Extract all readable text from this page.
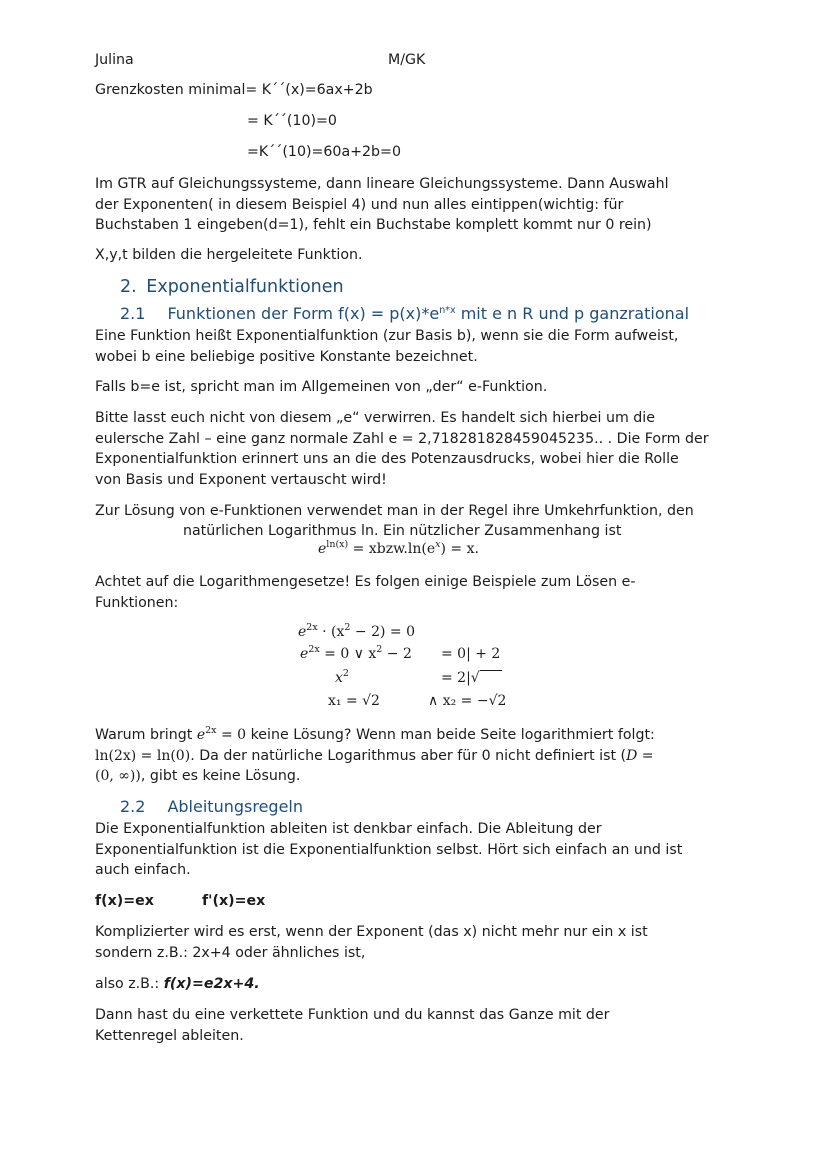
Julina	M/GK
Grenzkosten minimal= K´´(x)=6ax+2b
= K´´(10)=0
=K´´(10)=60a+2b=0
Im GTR auf Gleichungssysteme, dann lineare Gleichungssysteme. Dann Auswahl
der Exponenten( in diesem Beispiel 4) und nun alles eintippen(wichtig: für
Buchstaben 1 eingeben(d=1), fehlt ein Buchstabe komplett kommt nur 0 rein)
X,y,t bilden die hergeleitete Funktion.
2. Exponentialfunktionen
2.1 Funktionen der Form $f(x) = p(x)*e^{n*x}$ mit e n R und p ganzrational
Eine Funktion heißt Exponentialfunktion (zur Basis b), wenn sie die Form aufweist,
wobei b eine beliebige positive Konstante bezeichnet.
Falls b=e ist, spricht man im Allgemeinen von „der“ e-Funktion.
Bitte lasst euch nicht von diesem „e“ verwirren. Es handelt sich hierbei um die
eulersche Zahl – eine ganz normale Zahl e = 2,718281828459045235.. . Die Form der
Exponentialfunktion erinnert uns an die des Potenzausdrucks, wobei hier die Rolle
von Basis und Exponent vertauscht wird!
Zur Lösung von e-Funktionen verwendet man in der Regel ihre Umkehrfunktion, den
natürlichen Logarithmus ln. Ein nützlicher Zusammenhang ist
$e^{ln(x)}$ = $xbzw.\ln(e^x) = x$.
Achtet auf die Logarithmengesetze! Es folgen einige Beispiele zum Lösen e-
Funktionen:
$e^{2x} \cdot (x^2 - 2) = 0$
$e^{2x} = 0$ ∨ $x^2 - 2 = 0| + 2$
$x^2$	= 2|√
x₁ = √2	∧ x₂ = −√2
Warum bringt $e^{2x} = 0$ keine Lösung? Wenn man beide Seite logarithmiert folgt:
ln(2x) = ln(0). Da der natürliche Logarithmus aber für 0 nicht definiert ist (D =
(0, ∞)), gibt es keine Lösung.
2.2 Ableitungsregeln
Die Exponentialfunktion ableiten ist denkbar einfach. Die Ableitung der
Exponentialfunktion ist die Exponentialfunktion selbst. Hört sich einfach an und ist
auch einfach.
f(x)=ex	f'(x)=ex
Komplizierter wird es erst, wenn der Exponent (das x) nicht mehr nur ein x ist
sondern z.B.: 2x+4 oder ähnliches ist,
also z.B.: f(x)=e2x+4.
Dann hast du eine verkettete Funktion und du kannst das Ganze mit der
Kettenregel ableiten.
